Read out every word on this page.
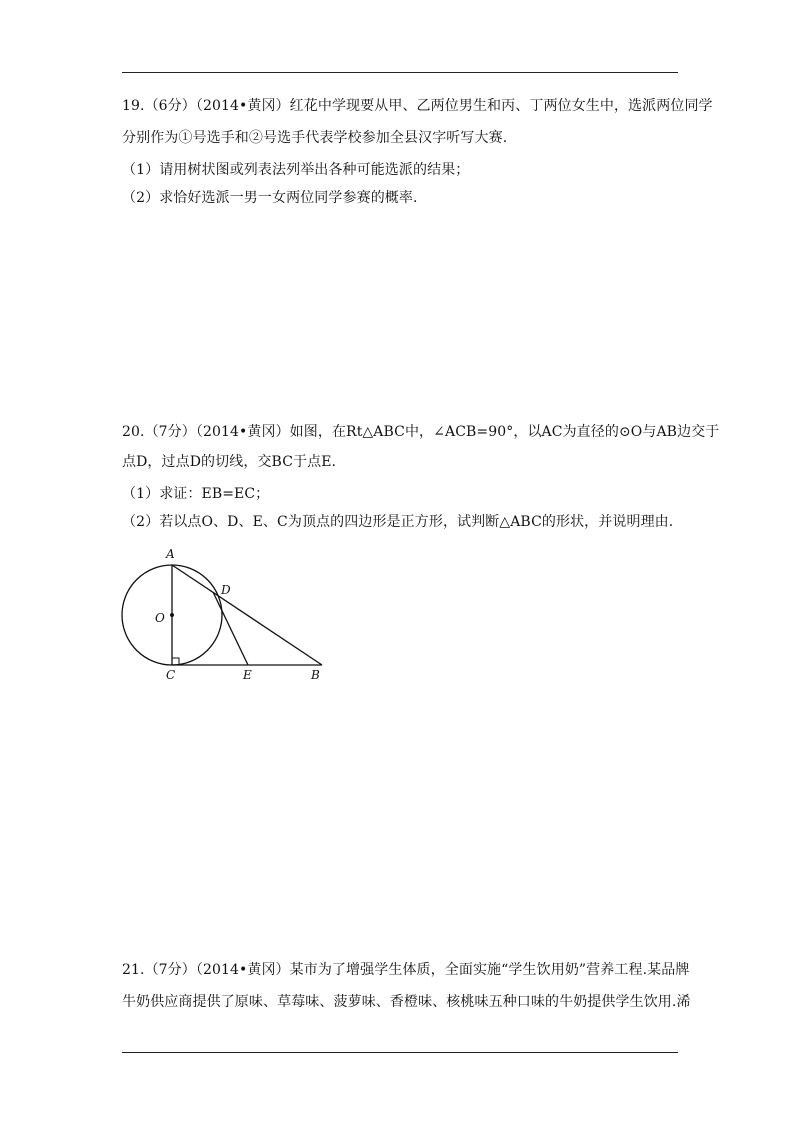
19.（6分）（2014•黄冈）红花中学现要从甲、乙两位男生和丙、丁两位女生中，选派两位同学
分别作为①号选手和②号选手代表学校参加全县汉字听写大赛.
（1）请用树状图或列表法列举出各种可能选派的结果；
（2）求恰好选派一男一女两位同学参赛的概率.
20.（7分）（2014•黄冈）如图，在Rt△ABC中，∠ACB=90°，以AC为直径的⊙O与AB边交于
点D，过点D的切线，交BC于点E.
（1）求证：EB=EC；
（2）若以点O、D、E、C为顶点的四边形是正方形，试判断△ABC的形状，并说明理由.
A
D
O
C	E	B
21.（7分）（2014•黄冈）某市为了增强学生体质，全面实施“学生饮用奶”营养工程.某品牌
牛奶供应商提供了原味、草莓味、菠萝味、香橙味、核桃味五种口味的牛奶提供学生饮用.浠
